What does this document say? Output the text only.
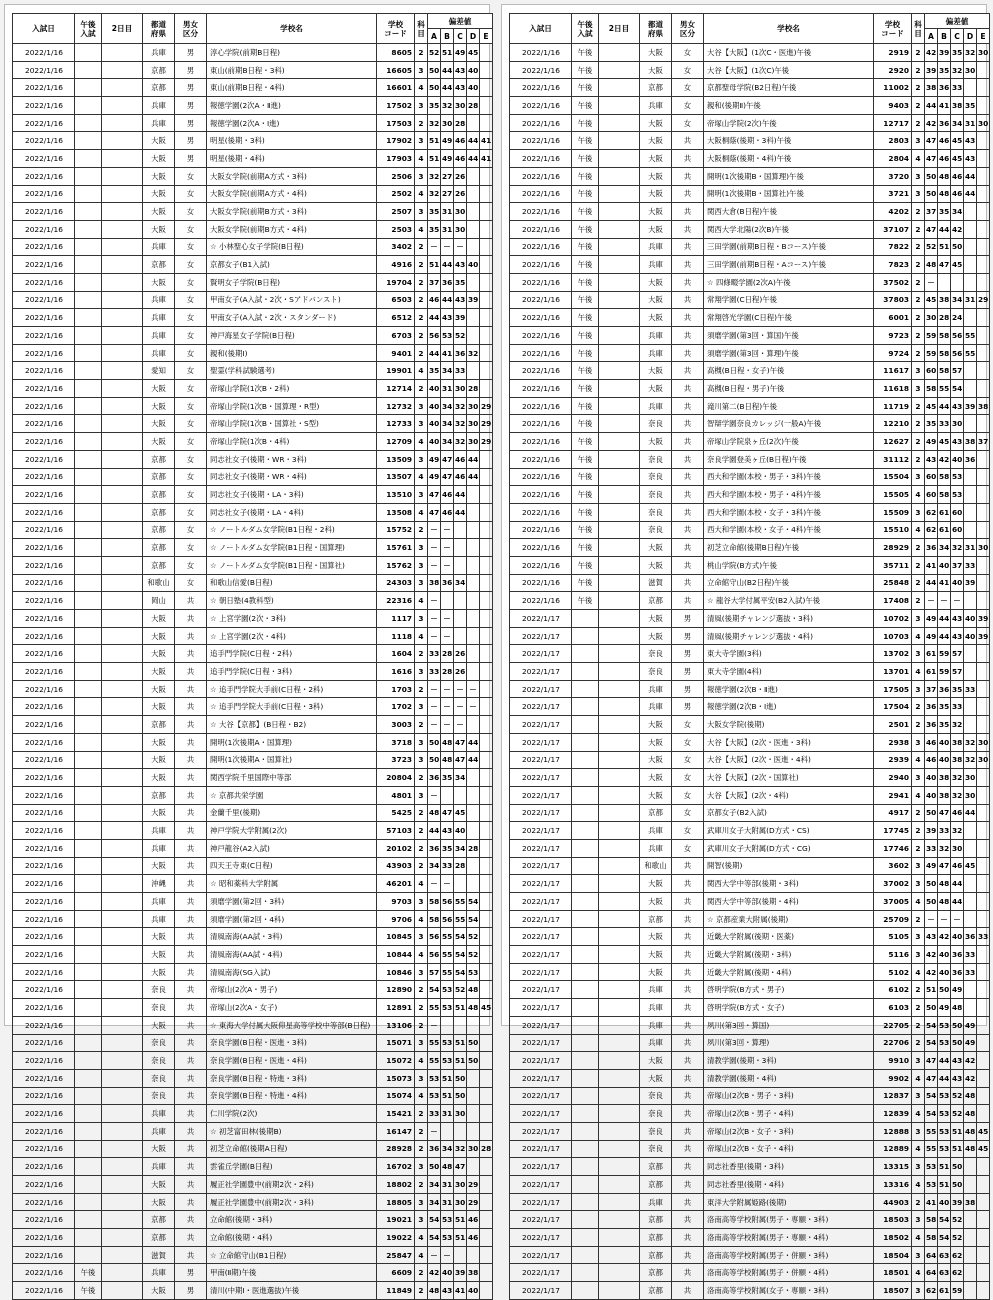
入試日	午後
入試	2日目	都道
府県	男女
区分	学校名	学校
コード	科
目	偏差値				
								A	B	C	D	E
2022/1/16			兵庫	男	淳心学院(前期B日程)	8605	2	52	51	49	45	
2022/1/16			京都	男	東山(前期B日程・3科)	16605	3	50	44	43	40	
2022/1/16			京都	男	東山(前期B日程・4科)	16601	4	50	44	43	40	
2022/1/16			兵庫	男	報徳学園(2次A・Ⅱ進)	17502	3	35	32	30	28	
2022/1/16			兵庫	男	報徳学園(2次A・Ⅰ進)	17503	2	32	30	28		
2022/1/16			大阪	男	明星(後期・3科)	17902	3	51	49	46	44	41
2022/1/16			大阪	男	明星(後期・4科)	17903	4	51	49	46	44	41
2022/1/16			大阪	女	大阪女学院(前期A方式・3科)	2506	3	32	27	26		
2022/1/16			大阪	女	大阪女学院(前期A方式・4科)	2502	4	32	27	26		
2022/1/16			大阪	女	大阪女学院(前期B方式・3科)	2507	3	35	31	30		
2022/1/16			大阪	女	大阪女学院(前期B方式・4科)	2503	4	35	31	30		
2022/1/16			兵庫	女	☆ 小林聖心女子学院(B日程)	3402	2	－	－	－		
2022/1/16			京都	女	京都女子(B1入試)	4916	2	51	44	43	40	
2022/1/16			大阪	女	賢明女子学院(B日程)	19704	2	37	36	35		
2022/1/16			兵庫	女	甲南女子(A入試・2次・Sアドバンスト)	6503	2	46	44	43	39	
2022/1/16			兵庫	女	甲南女子(A入試・2次・スタンダード)	6512	2	44	43	39		
2022/1/16			兵庫	女	神戸海星女子学院(B日程)	6703	2	56	53	52		
2022/1/16			兵庫	女	親和(後期Ⅰ)	9401	2	44	41	36	32	
2022/1/16			愛知	女	聖霊(学科試験選考)	19901	4	35	34	33		
2022/1/16			大阪	女	帝塚山学院(1次B・2科)	12714	2	40	31	30	28	
2022/1/16			大阪	女	帝塚山学院(1次B・国算理・R型)	12732	3	40	34	32	30	29
2022/1/16			大阪	女	帝塚山学院(1次B・国算社・S型)	12733	3	40	34	32	30	29
2022/1/16			大阪	女	帝塚山学院(1次B・4科)	12709	4	40	34	32	30	29
2022/1/16			京都	女	同志社女子(後期・WR・3科)	13509	3	49	47	46	44	
2022/1/16			京都	女	同志社女子(後期・WR・4科)	13507	4	49	47	46	44	
2022/1/16			京都	女	同志社女子(後期・LA・3科)	13510	3	47	46	44		
2022/1/16			京都	女	同志社女子(後期・LA・4科)	13508	4	47	46	44		
2022/1/16			京都	女	☆ ノートルダム女学院(B1日程・2科)	15752	2	－	－			
2022/1/16			京都	女	☆ ノートルダム女学院(B1日程・国算理)	15761	3	－	－			
2022/1/16			京都	女	☆ ノートルダム女学院(B1日程・国算社)	15762	3	－	－			
2022/1/16			和歌山	女	和歌山信愛(B日程)	24303	3	38	36	34		
2022/1/16			岡山	共	☆ 朝日塾(4教科型)	22316	4	－				
2022/1/16			大阪	共	☆ 上宮学園(2次・3科)	1117	3	－	－			
2022/1/16			大阪	共	☆ 上宮学園(2次・4科)	1118	4	－	－			
2022/1/16			大阪	共	追手門学院(C日程・2科)	1604	2	33	28	26		
2022/1/16			大阪	共	追手門学院(C日程・3科)	1616	3	33	28	26		
2022/1/16			大阪	共	☆ 追手門学院大手前(C日程・2科)	1703	2	－	－	－	－	
2022/1/16			大阪	共	☆ 追手門学院大手前(C日程・3科)	1702	3	－	－	－	－	
2022/1/16			京都	共	☆ 大谷【京都】(B日程・B2)	3003	2	－	－	－		
2022/1/16			大阪	共	開明(1次後期A・国算理)	3718	3	50	48	47	44	
2022/1/16			大阪	共	開明(1次後期A・国算社)	3723	3	50	48	47	44	
2022/1/16			大阪	共	関西学院千里国際中等部	20804	2	36	35	34		
2022/1/16			京都	共	☆ 京都共栄学園	4801	3	－				
2022/1/16			大阪	共	金蘭千里(後期)	5425	2	48	47	45		
2022/1/16			兵庫	共	神戸学院大学附属(2次)	57103	2	44	43	40		
2022/1/16			兵庫	共	神戸龍谷(A2入試)	20102	2	36	35	34	28	
2022/1/16			大阪	共	四天王寺東(C日程)	43903	2	34	33	28		
2022/1/16			沖縄	共	☆ 昭和薬科大学附属	46201	4	－	－			
2022/1/16			兵庫	共	須磨学園(第2回・3科)	9703	3	58	56	55	54	
2022/1/16			兵庫	共	須磨学園(第2回・4科)	9706	4	58	56	55	54	
2022/1/16			大阪	共	清風南海(AA試・3科)	10845	3	56	55	54	52	
2022/1/16			大阪	共	清風南海(AA試・4科)	10844	4	56	55	54	52	
2022/1/16			大阪	共	清風南海(SG入試)	10846	3	57	55	54	53	
2022/1/16			奈良	共	帝塚山(2次A・男子)	12890	2	54	53	52	48	
2022/1/16			奈良	共	帝塚山(2次A・女子)	12891	2	55	53	51	48	45
2022/1/16			大阪	共	☆ 東海大学付属大阪仰星高等学校中等部(B日程)	13106	2	－				
2022/1/16			奈良	共	奈良学園(B日程・医進・3科)	15071	3	55	53	51	50	
2022/1/16			奈良	共	奈良学園(B日程・医進・4科)	15072	4	55	53	51	50	
2022/1/16			奈良	共	奈良学園(B日程・特進・3科)	15073	3	53	51	50		
2022/1/16			奈良	共	奈良学園(B日程・特進・4科)	15074	4	53	51	50		
2022/1/16			兵庫	共	仁川学院(2次)	15421	2	33	31	30		
2022/1/16			兵庫	共	☆ 初芝富田林(後期B)	16147	2	－				
2022/1/16			大阪	共	初芝立命館(後期A日程)	28928	2	36	34	32	30	28
2022/1/16			兵庫	共	雲雀丘学園(B日程)	16702	3	50	48	47		
2022/1/16			大阪	共	履正社学園豊中(前期2次・2科)	18802	2	34	31	30	29	
2022/1/16			大阪	共	履正社学園豊中(前期2次・3科)	18805	3	34	31	30	29	
2022/1/16			京都	共	立命館(後期・3科)	19021	3	54	53	51	46	
2022/1/16			京都	共	立命館(後期・4科)	19022	4	54	53	51	46	
2022/1/16			滋賀	共	☆ 立命館守山(B1日程)	25847	4	－	－			
2022/1/16	午後		兵庫	男	甲南(Ⅱ期)午後	6609	2	42	40	39	38	
2022/1/16	午後		大阪	男	清川(中期Ⅰ・医進選抜)午後	11849	2	48	43	41	40	
入試日	午後
入試	2日目	都道
府県	男女
区分	学校名	学校
コード	科
目	偏差値				
								A	B	C	D	E
2022/1/16	午後		大阪	女	大谷【大阪】(1次C・医進)午後	2919	2	42	39	35	32	30
2022/1/16	午後		大阪	女	大谷【大阪】(1次C)午後	2920	2	39	35	32	30	
2022/1/16	午後		京都	女	京都聖母学院(B2日程)午後	11002	2	38	36	33		
2022/1/16	午後		兵庫	女	親和(後期Ⅱ)午後	9403	2	44	41	38	35	
2022/1/16	午後		大阪	女	帝塚山学院(2次)午後	12717	2	42	36	34	31	30
2022/1/16	午後		大阪	共	大阪桐蔭(後期・3科)午後	2803	3	47	46	45	43	
2022/1/16	午後		大阪	共	大阪桐蔭(後期・4科)午後	2804	4	47	46	45	43	
2022/1/16	午後		大阪	共	開明(1次後期B・国算理)午後	3720	3	50	48	46	44	
2022/1/16	午後		大阪	共	開明(1次後期B・国算社)午後	3721	3	50	48	46	44	
2022/1/16	午後		大阪	共	関西大倉(B日程)午後	4202	2	37	35	34		
2022/1/16	午後		大阪	共	関西大学北陽(2次B)午後	37107	2	47	44	42		
2022/1/16	午後		兵庫	共	三田学園(前期B日程・Bコース)午後	7822	2	52	51	50		
2022/1/16	午後		兵庫	共	三田学園(前期B日程・Aコース)午後	7823	2	48	47	45		
2022/1/16	午後		大阪	共	☆ 四條畷学園(2次A)午後	37502	2	－				
2022/1/16	午後		大阪	共	常翔学園(C日程)午後	37803	2	45	38	34	31	29
2022/1/16	午後		大阪	共	常翔啓光学園(C日程)午後	6001	2	30	28	24		
2022/1/16	午後		兵庫	共	須磨学園(第3回・算国)午後	9723	2	59	58	56	55	
2022/1/16	午後		兵庫	共	須磨学園(第3回・算理)午後	9724	2	59	58	56	55	
2022/1/16	午後		大阪	共	高槻(B日程・女子)午後	11617	3	60	58	57		
2022/1/16	午後		大阪	共	高槻(B日程・男子)午後	11618	3	58	55	54		
2022/1/16	午後		兵庫	共	滝川第二(B日程)午後	11719	2	45	44	43	39	38
2022/1/16	午後		奈良	共	智辯学園奈良カレッジ(一般A)午後	12210	2	35	33	30		
2022/1/16	午後		大阪	共	帝塚山学院泉ヶ丘(2次)午後	12627	2	49	45	43	38	37
2022/1/16	午後		奈良	共	奈良学園登美ヶ丘(B日程)午後	31112	2	43	42	40	36	
2022/1/16	午後		奈良	共	西大和学園(本校・男子・3科)午後	15504	3	60	58	53		
2022/1/16	午後		奈良	共	西大和学園(本校・男子・4科)午後	15505	4	60	58	53		
2022/1/16	午後		奈良	共	西大和学園(本校・女子・3科)午後	15509	3	62	61	60		
2022/1/16	午後		奈良	共	西大和学園(本校・女子・4科)午後	15510	4	62	61	60		
2022/1/16	午後		大阪	共	初芝立命館(後期B日程)午後	28929	2	36	34	32	31	30
2022/1/16	午後		大阪	共	桃山学院(B方式)午後	35711	2	41	40	37	33	
2022/1/16	午後		滋賀	共	立命館守山(B2日程)午後	25848	2	44	41	40	39	
2022/1/16	午後		京都	共	☆ 龍谷大学付属平安(B2入試)午後	17408	2	－	－	－		
2022/1/17			大阪	男	清風(後期チャレンジ選抜・3科)	10702	3	49	44	43	40	39
2022/1/17			大阪	男	清風(後期チャレンジ選抜・4科)	10703	4	49	44	43	40	39
2022/1/17			奈良	男	東大寺学園(3科)	13702	3	61	59	57		
2022/1/17			奈良	男	東大寺学園(4科)	13701	4	61	59	57		
2022/1/17			兵庫	男	報徳学園(2次B・Ⅱ進)	17505	3	37	36	35	33	
2022/1/17			兵庫	男	報徳学園(2次B・Ⅰ進)	17504	2	36	35	33		
2022/1/17			大阪	女	大阪女学院(後期)	2501	2	36	35	32		
2022/1/17			大阪	女	大谷【大阪】(2次・医進・3科)	2938	3	46	40	38	32	30
2022/1/17			大阪	女	大谷【大阪】(2次・医進・4科)	2939	4	46	40	38	32	30
2022/1/17			大阪	女	大谷【大阪】(2次・国算社)	2940	3	40	38	32	30	
2022/1/17			大阪	女	大谷【大阪】(2次・4科)	2941	4	40	38	32	30	
2022/1/17			京都	女	京都女子(B2入試)	4917	2	50	47	46	44	
2022/1/17			兵庫	女	武庫川女子大附属(D方式・CS)	17745	2	39	33	32		
2022/1/17			兵庫	女	武庫川女子大附属(D方式・CG)	17746	2	33	32	30		
2022/1/17			和歌山	共	開智(後期)	3602	3	49	47	46	45	
2022/1/17			大阪	共	関西大学中等部(後期・3科)	37002	3	50	48	44		
2022/1/17			大阪	共	関西大学中等部(後期・4科)	37005	4	50	48	44		
2022/1/17			京都	共	☆ 京都産業大附属(後期)	25709	2	－	－	－		
2022/1/17			大阪	共	近畿大学附属(後期・医薬)	5105	3	43	42	40	36	33
2022/1/17			大阪	共	近畿大学附属(後期・3科)	5116	3	42	40	36	33	
2022/1/17			大阪	共	近畿大学附属(後期・4科)	5102	4	42	40	36	33	
2022/1/17			兵庫	共	啓明学院(B方式・男子)	6102	2	51	50	49		
2022/1/17			兵庫	共	啓明学院(B方式・女子)	6103	2	50	49	48		
2022/1/17			兵庫	共	夙川(第3回・算国)	22705	2	54	53	50	49	
2022/1/17			兵庫	共	夙川(第3回・算理)	22706	2	54	53	50	49	
2022/1/17			大阪	共	清教学園(後期・3科)	9910	3	47	44	43	42	
2022/1/17			大阪	共	清教学園(後期・4科)	9902	4	47	44	43	42	
2022/1/17			奈良	共	帝塚山(2次B・男子・3科)	12837	3	54	53	52	48	
2022/1/17			奈良	共	帝塚山(2次B・男子・4科)	12839	4	54	53	52	48	
2022/1/17			奈良	共	帝塚山(2次B・女子・3科)	12888	3	55	53	51	48	45
2022/1/17			奈良	共	帝塚山(2次B・女子・4科)	12889	4	55	53	51	48	45
2022/1/17			京都	共	同志社香里(後期・3科)	13315	3	53	51	50		
2022/1/17			京都	共	同志社香里(後期・4科)	13316	4	53	51	50		
2022/1/17			兵庫	共	東洋大学附属姫路(後期)	44903	2	41	40	39	38	
2022/1/17			京都	共	洛南高等学校附属(男子・専願・3科)	18503	3	58	54	52		
2022/1/17			京都	共	洛南高等学校附属(男子・専願・4科)	18502	4	58	54	52		
2022/1/17			京都	共	洛南高等学校附属(男子・併願・3科)	18504	3	64	63	62		
2022/1/17			京都	共	洛南高等学校附属(男子・併願・4科)	18501	4	64	63	62		
2022/1/17			京都	共	洛南高等学校附属(女子・専願・3科)	18507	3	62	61	59		
